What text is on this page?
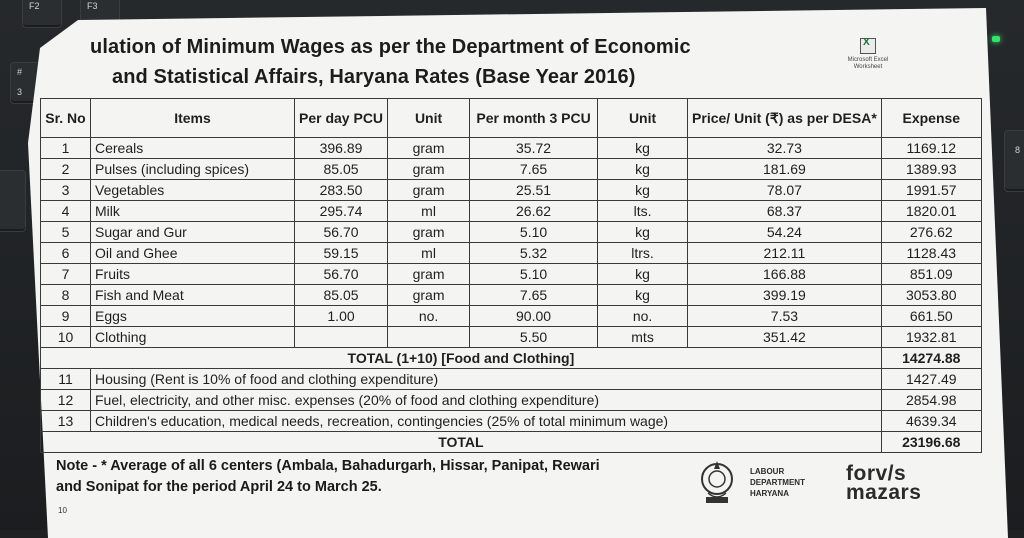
F2	F3
#
3
8
ulation of Minimum Wages as per the Department of Economic
and Statistical Affairs, Haryana Rates (Base Year 2016)
X
Microsoft Excel
Worksheet
Sr. No	Items	Per day PCU	Unit	Per month 3 PCU	Unit	Price/ Unit (₹) as per DESA*	Expense
1	Cereals	396.89	gram	35.72	kg	32.73	1169.12
2	Pulses (including spices)	85.05	gram	7.65	kg	181.69	1389.93
3	Vegetables	283.50	gram	25.51	kg	78.07	1991.57
4	Milk	295.74	ml	26.62	lts.	68.37	1820.01
5	Sugar and Gur	56.70	gram	5.10	kg	54.24	276.62
6	Oil and Ghee	59.15	ml	5.32	ltrs.	212.11	1128.43
7	Fruits	56.70	gram	5.10	kg	166.88	851.09
8	Fish and Meat	85.05	gram	7.65	kg	399.19	3053.80
9	Eggs	1.00	no.	90.00	no.	7.53	661.50
10	Clothing			5.50	mts	351.42	1932.81
TOTAL (1+10) [Food and Clothing]							14274.88
11	Housing (Rent is 10% of food and clothing expenditure)						1427.49
12	Fuel, electricity, and other misc. expenses (20% of food and clothing expenditure)						2854.98
13	Children's education, medical needs, recreation, contingencies (25% of total minimum wage)						4639.34
TOTAL							23196.68
Note - * Average of all 6 centers (Ambala, Bahadurgarh, Hissar, Panipat, Rewari
and Sonipat for the period April 24 to March 25.
10
LABOUR
DEPARTMENT
HARYANA
forv/s
mazars
